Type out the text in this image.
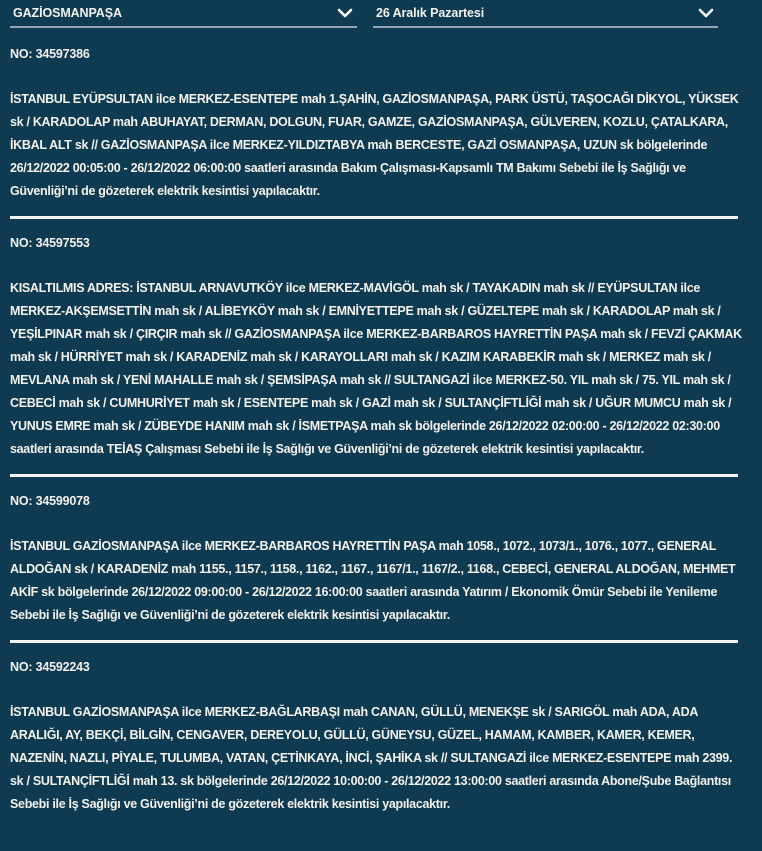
GAZİOSMANPAŞA	26 Aralık Pazartesi
NO: 34597386
İSTANBUL EYÜPSULTAN ilce MERKEZ-ESENTEPE mah 1.ŞAHİN, GAZİOSMANPAŞA, PARK ÜSTÜ, TAŞOCAĞI DİKYOL, YÜKSEK sk / KARADOLAP mah ABUHAYAT, DERMAN, DOLGUN, FUAR, GAMZE, GAZİOSMANPAŞA, GÜLVEREN, KOZLU, ÇATALKARA, İKBAL ALT sk // GAZİOSMANPAŞA ilce MERKEZ-YILDIZTABYA mah BERCESTE, GAZİ OSMANPAŞA, UZUN sk bölgelerinde 26/12/2022 00:05:00 - 26/12/2022 06:00:00 saatleri arasında Bakım Çalışması-Kapsamlı TM Bakımı Sebebi ile İş Sağlığı ve Güvenliği’ni de gözeterek elektrik kesintisi yapılacaktır.
NO: 34597553
KISALTILMIS ADRES: İSTANBUL ARNAVUTKÖY ilce MERKEZ-MAVİGÖL mah sk / TAYAKADIN mah sk // EYÜPSULTAN ilce MERKEZ-AKŞEMSETTİN mah sk / ALİBEYKÖY mah sk / EMNİYETTEPE mah sk / GÜZELTEPE mah sk / KARADOLAP mah sk / YEŞİLPINAR mah sk / ÇIRÇIR mah sk // GAZİOSMANPAŞA ilce MERKEZ-BARBAROS HAYRETTİN PAŞA mah sk / FEVZİ ÇAKMAK mah sk / HÜRRİYET mah sk / KARADENİZ mah sk / KARAYOLLARI mah sk / KAZIM KARABEKİR mah sk / MERKEZ mah sk / MEVLANA mah sk / YENİ MAHALLE mah sk / ŞEMSİPAŞA mah sk // SULTANGAZİ ilce MERKEZ-50. YIL mah sk / 75. YIL mah sk / CEBECİ mah sk / CUMHURİYET mah sk / ESENTEPE mah sk / GAZİ mah sk / SULTANÇİFTLİĞİ mah sk / UĞUR MUMCU mah sk / YUNUS EMRE mah sk / ZÜBEYDE HANIM mah sk / İSMETPAŞA mah sk bölgelerinde 26/12/2022 02:00:00 - 26/12/2022 02:30:00 saatleri arasında TEİAŞ Çalışması Sebebi ile İş Sağlığı ve Güvenliği’ni de gözeterek elektrik kesintisi yapılacaktır.
NO: 34599078
İSTANBUL GAZİOSMANPAŞA ilce MERKEZ-BARBAROS HAYRETTİN PAŞA mah 1058., 1072., 1073/1., 1076., 1077., GENERAL ALDOĞAN sk / KARADENİZ mah 1155., 1157., 1158., 1162., 1167., 1167/1., 1167/2., 1168., CEBECİ, GENERAL ALDOĞAN, MEHMET AKİF sk bölgelerinde 26/12/2022 09:00:00 - 26/12/2022 16:00:00 saatleri arasında Yatırım / Ekonomik Ömür Sebebi ile Yenileme Sebebi ile İş Sağlığı ve Güvenliği’ni de gözeterek elektrik kesintisi yapılacaktır.
NO: 34592243
İSTANBUL GAZİOSMANPAŞA ilce MERKEZ-BAĞLARBAŞI mah CANAN, GÜLLÜ, MENEKŞE sk / SARIGÖL mah ADA, ADA ARALIĞI, AY, BEKÇİ, BİLGİN, CENGAVER, DEREYOLU, GÜLLÜ, GÜNEYSU, GÜZEL, HAMAM, KAMBER, KAMER, KEMER, NAZENİN, NAZLI, PİYALE, TULUMBA, VATAN, ÇETİNKAYA, İNCİ, ŞAHİKA sk // SULTANGAZİ ilce MERKEZ-ESENTEPE mah 2399. sk / SULTANÇİFTLİĞİ mah 13. sk bölgelerinde 26/12/2022 10:00:00 - 26/12/2022 13:00:00 saatleri arasında Abone/Şube Bağlantısı Sebebi ile İş Sağlığı ve Güvenliği’ni de gözeterek elektrik kesintisi yapılacaktır.
